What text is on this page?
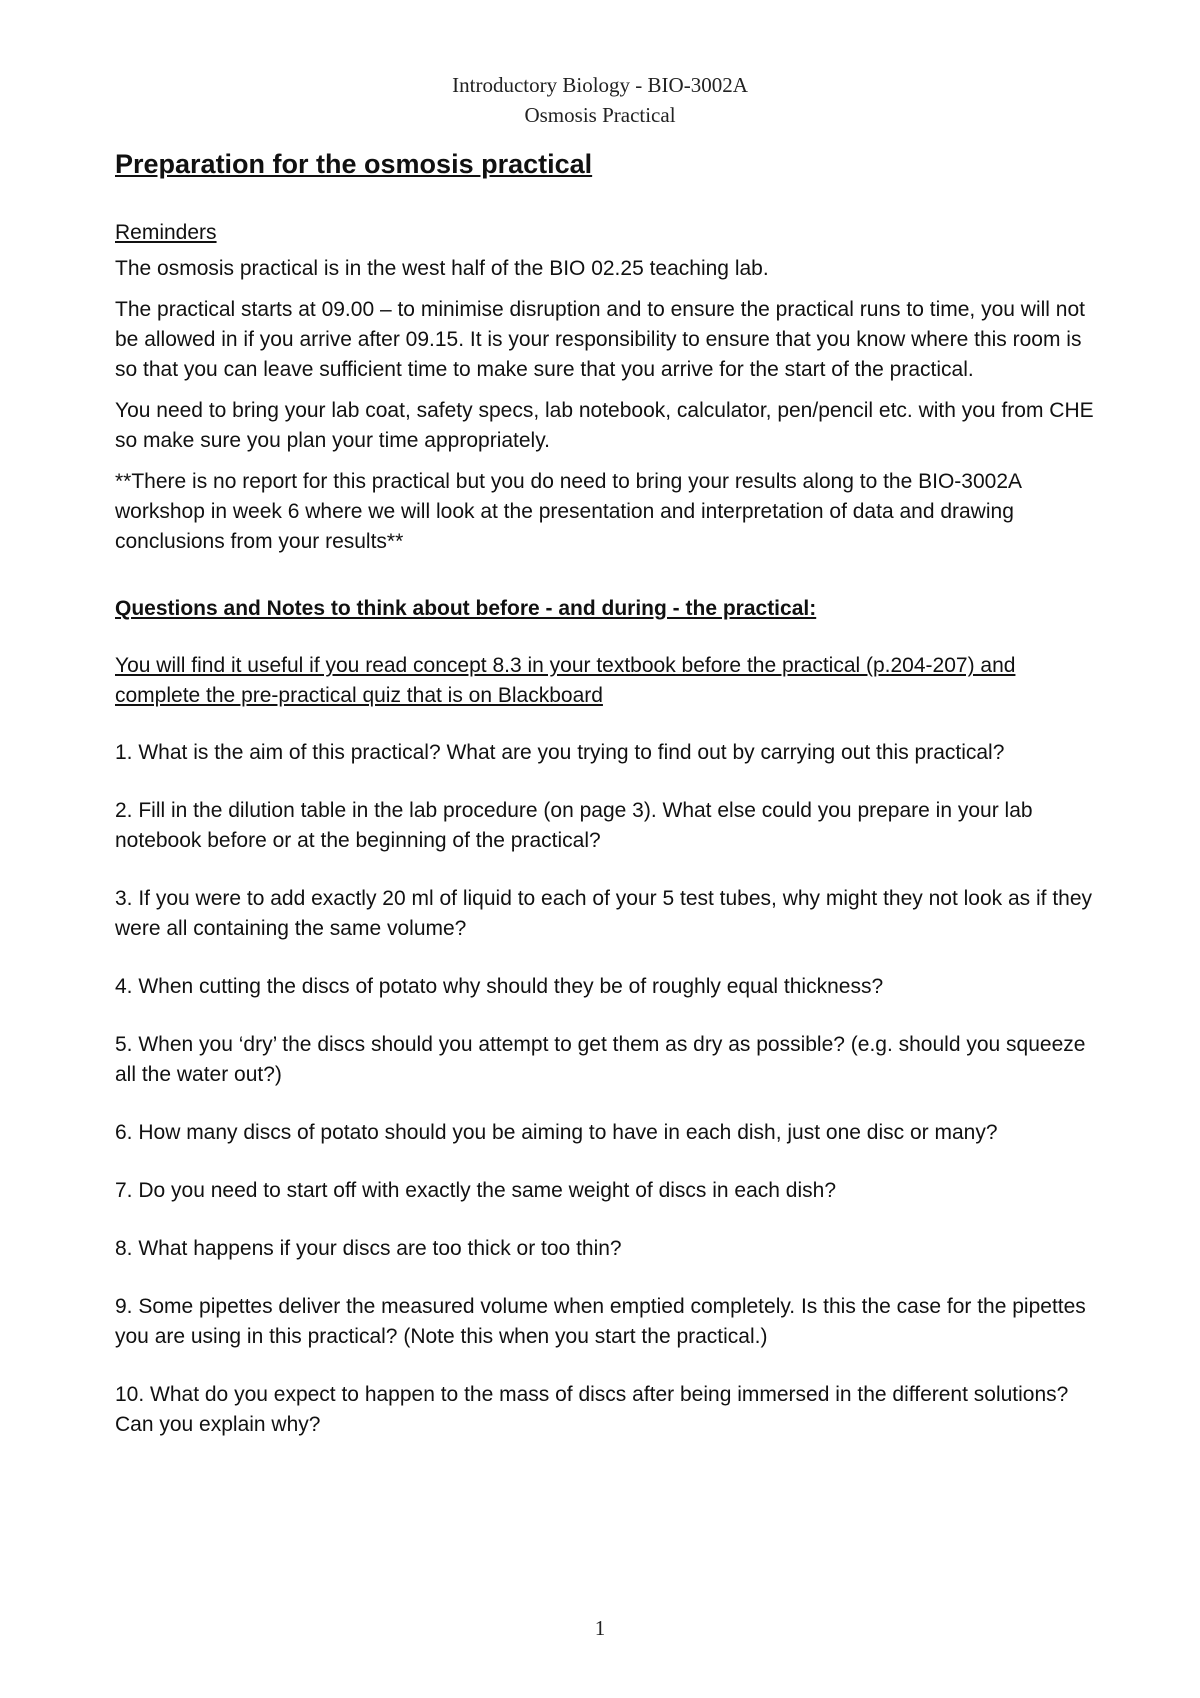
Introductory Biology - BIO-3002A
Osmosis Practical
Preparation for the osmosis practical
Reminders
The osmosis practical is in the west half of the BIO 02.25 teaching lab.
The practical starts at 09.00 – to minimise disruption and to ensure the practical runs to time, you will not be allowed in if you arrive after 09.15. It is your responsibility to ensure that you know where this room is so that you can leave sufficient time to make sure that you arrive for the start of the practical.
You need to bring your lab coat, safety specs, lab notebook, calculator, pen/pencil etc. with you from CHE so make sure you plan your time appropriately.
**There is no report for this practical but you do need to bring your results along to the BIO-3002A workshop in week 6 where we will look at the presentation and interpretation of data and drawing conclusions from your results**
Questions and Notes to think about before - and during - the practical:
You will find it useful if you read concept 8.3 in your textbook before the practical (p.204-207) and complete the pre-practical quiz that is on Blackboard
1. What is the aim of this practical? What are you trying to find out by carrying out this practical?
2. Fill in the dilution table in the lab procedure (on page 3). What else could you prepare in your lab notebook before or at the beginning of the practical?
3. If you were to add exactly 20 ml of liquid to each of your 5 test tubes, why might they not look as if they were all containing the same volume?
4. When cutting the discs of potato why should they be of roughly equal thickness?
5. When you ‘dry’ the discs should you attempt to get them as dry as possible? (e.g. should you squeeze all the water out?)
6. How many discs of potato should you be aiming to have in each dish, just one disc or many?
7. Do you need to start off with exactly the same weight of discs in each dish?
8. What happens if your discs are too thick or too thin?
9. Some pipettes deliver the measured volume when emptied completely. Is this the case for the pipettes you are using in this practical? (Note this when you start the practical.)
10. What do you expect to happen to the mass of discs after being immersed in the different solutions? Can you explain why?
1
